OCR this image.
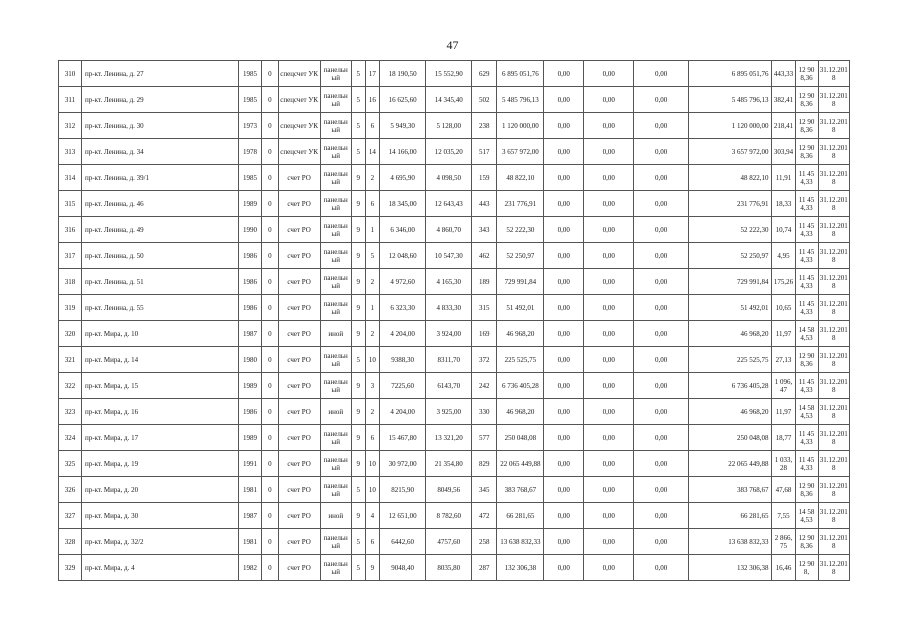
47
310	пр-кт. Ленина, д. 27	1985	0	спецсчет УК	панельный	5	17	18 190,50	15 552,90	629	6 895 051,76	0,00	0,00	0,00	6 895 051,76	443,33	12 908,36	31.12.2018
311	пр-кт. Ленина, д. 29	1985	0	спецсчет УК	панельный	5	16	16 625,60	14 345,40	502	5 485 796,13	0,00	0,00	0,00	5 485 796,13	382,41	12 908,36	31.12.2018
312	пр-кт. Ленина, д. 30	1973	0	спецсчет УК	панельный	5	6	5 949,30	5 128,00	238	1 120 000,00	0,00	0,00	0,00	1 120 000,00	218,41	12 908,36	31.12.2018
313	пр-кт. Ленина, д. 34	1978	0	спецсчет УК	панельный	5	14	14 166,00	12 035,20	517	3 657 972,00	0,00	0,00	0,00	3 657 972,00	303,94	12 908,36	31.12.2018
314	пр-кт. Ленина, д. 39/1	1985	0	счет РО	панельный	9	2	4 695,90	4 098,50	159	48 822,10	0,00	0,00	0,00	48 822,10	11,91	11 454,33	31.12.2018
315	пр-кт. Ленина, д. 46	1989	0	счет РО	панельный	9	6	18 345,00	12 643,43	443	231 776,91	0,00	0,00	0,00	231 776,91	18,33	11 454,33	31.12.2018
316	пр-кт. Ленина, д. 49	1990	0	счет РО	панельный	9	1	6 346,00	4 860,70	343	52 222,30	0,00	0,00	0,00	52 222,30	10,74	11 454,33	31.12.2018
317	пр-кт. Ленина, д. 50	1986	0	счет РО	панельный	9	5	12 048,60	10 547,30	462	52 250,97	0,00	0,00	0,00	52 250,97	4,95	11 454,33	31.12.2018
318	пр-кт. Ленина, д. 51	1986	0	счет РО	панельный	9	2	4 972,60	4 165,30	189	729 991,84	0,00	0,00	0,00	729 991,84	175,26	11 454,33	31.12.2018
319	пр-кт. Ленина, д. 55	1986	0	счет РО	панельный	9	1	6 323,30	4 833,30	315	51 492,01	0,00	0,00	0,00	51 492,01	10,65	11 454,33	31.12.2018
320	пр-кт. Мира, д. 10	1987	0	счет РО	иной	9	2	4 204,00	3 924,00	169	46 968,20	0,00	0,00	0,00	46 968,20	11,97	14 584,53	31.12.2018
321	пр-кт. Мира, д. 14	1980	0	счет РО	панельный	5	10	9388,30	8311,70	372	225 525,75	0,00	0,00	0,00	225 525,75	27,13	12 908,36	31.12.2018
322	пр-кт. Мира, д. 15	1989	0	счет РО	панельный	9	3	7225,60	6143,70	242	6 736 405,28	0,00	0,00	0,00	6 736 405,28	1 096,47	11 454,33	31.12.2018
323	пр-кт. Мира, д. 16	1986	0	счет РО	иной	9	2	4 204,00	3 925,00	330	46 968,20	0,00	0,00	0,00	46 968,20	11,97	14 584,53	31.12.2018
324	пр-кт. Мира, д. 17	1989	0	счет РО	панельный	9	6	15 467,80	13 321,20	577	250 048,08	0,00	0,00	0,00	250 048,08	18,77	11 454,33	31.12.2018
325	пр-кт. Мира, д. 19	1991	0	счет РО	панельный	9	10	30 972,00	21 354,80	829	22 065 449,88	0,00	0,00	0,00	22 065 449,88	1 033,28	11 454,33	31.12.2018
326	пр-кт. Мира, д. 20	1981	0	счет РО	панельный	5	10	8215,90	8049,56	345	383 768,67	0,00	0,00	0,00	383 768,67	47,68	12 908,36	31.12.2018
327	пр-кт. Мира, д. 30	1987	0	счет РО	иной	9	4	12 651,00	8 782,60	472	66 281,65	0,00	0,00	0,00	66 281,65	7,55	14 584,53	31.12.2018
328	пр-кт. Мира, д. 32/2	1981	0	счет РО	панельный	5	6	6442,60	4757,60	258	13 638 832,33	0,00	0,00	0,00	13 638 832,33	2 866,75	12 908,36	31.12.2018
329	пр-кт. Мира, д. 4	1982	0	счет РО	панельный	5	9	9048,40	8035,80	287	132 306,38	0,00	0,00	0,00	132 306,38	16,46	12 908,	31.12.2018
